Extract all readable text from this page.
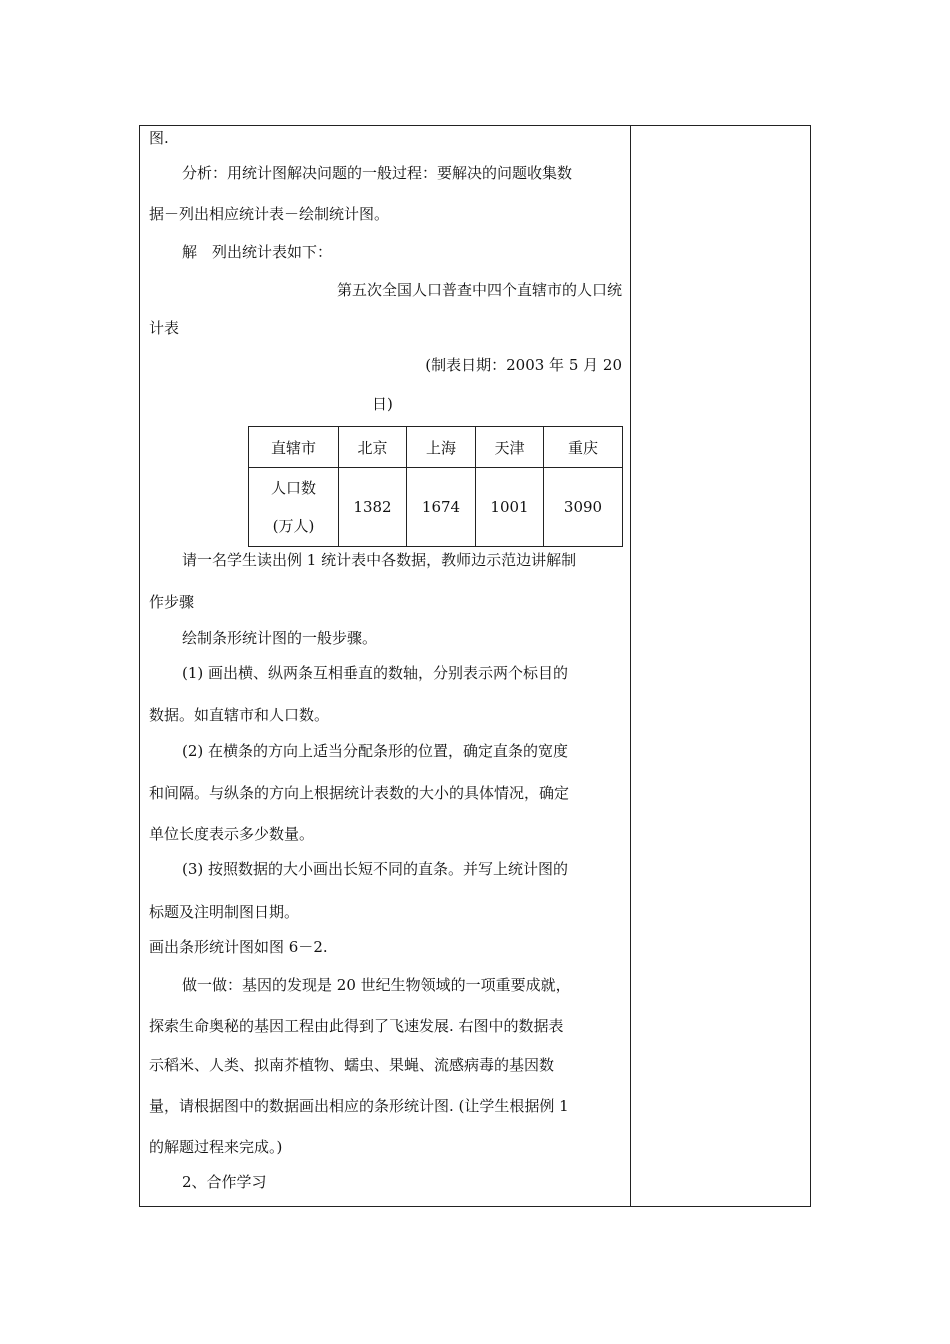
图.
分析：用统计图解决问题的一般过程：要解决的问题收集数
据－列出相应统计表－绘制统计图。
解　列出统计表如下：
第五次全国人口普查中四个直辖市的人口统
计表
(制表日期：2003 年 5 月 20
日)
直辖市	北京	上海	天津	重庆

人口数
(万人)	1382	1674	1001	3090
请一名学生读出例 1 统计表中各数据，教师边示范边讲解制
作步骤
绘制条形统计图的一般步骤。
(1) 画出横、纵两条互相垂直的数轴，分别表示两个标目的
数据。如直辖市和人口数。
(2) 在横条的方向上适当分配条形的位置，确定直条的宽度
和间隔。与纵条的方向上根据统计表数的大小的具体情况，确定
单位长度表示多少数量。
(3) 按照数据的大小画出长短不同的直条。并写上统计图的
标题及注明制图日期。
画出条形统计图如图 6－2.
做一做：基因的发现是 20 世纪生物领域的一项重要成就，
探索生命奥秘的基因工程由此得到了飞速发展. 右图中的数据表
示稻米、人类、拟南芥植物、蠕虫、果蝇、流感病毒的基因数
量，请根据图中的数据画出相应的条形统计图. (让学生根据例 1
的解题过程来完成。)
2、合作学习
